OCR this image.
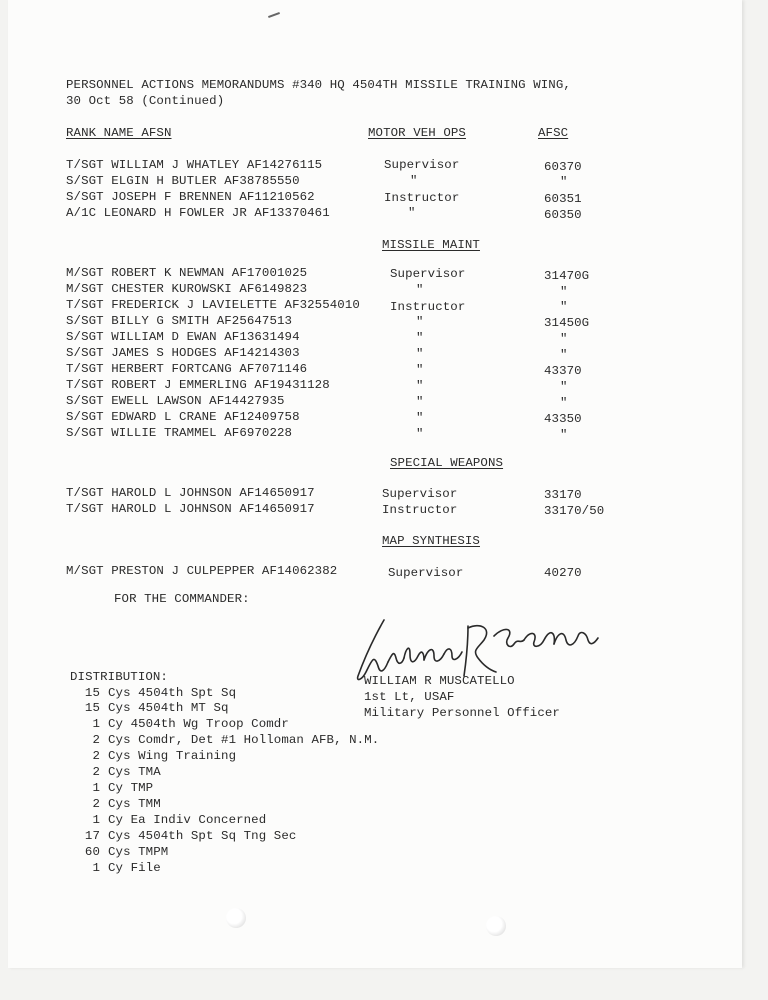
PERSONNEL ACTIONS MEMORANDUMS #340 HQ 4504TH MISSILE TRAINING WING,
30 Oct 58 (Continued)
RANK NAME AFSN	MOTOR VEH OPS	AFSC
T/SGT WILLIAM J WHATLEY AF14276115	Supervisor	60370
S/SGT ELGIN H BUTLER AF38785550	"	"
S/SGT JOSEPH F BRENNEN AF11210562	Instructor	60351
A/1C LEONARD H FOWLER JR AF13370461	"	60350
MISSILE MAINT
M/SGT ROBERT K NEWMAN AF17001025	Supervisor	31470G
M/SGT CHESTER KUROWSKI AF6149823	"	"
T/SGT FREDERICK J LAVIELETTE AF32554010 Instructor	"
S/SGT BILLY G SMITH AF25647513	"	31450G
S/SGT WILLIAM D EWAN AF13631494	"	"
S/SGT JAMES S HODGES AF14214303	"	"
T/SGT HERBERT FORTCANG AF7071146	"	43370
T/SGT ROBERT J EMMERLING AF19431128	"	"
S/SGT EWELL LAWSON AF14427935	"	"
S/SGT EDWARD L CRANE AF12409758	"	43350
S/SGT WILLIE TRAMMEL AF6970228	"	"
SPECIAL WEAPONS
T/SGT HAROLD L JOHNSON AF14650917	Supervisor	33170
T/SGT HAROLD L JOHNSON AF14650917	Instructor	33170/50
MAP SYNTHESIS
M/SGT PRESTON J CULPEPPER AF14062382	Supervisor	40270
FOR THE COMMANDER:
WILLIAM R MUSCATELLO
1st Lt, USAF
Military Personnel Officer
DISTRIBUTION:
15 Cys 4504th Spt Sq
15 Cys 4504th MT Sq
1 Cy 4504th Wg Troop Comdr
2 Cys Comdr, Det #1 Holloman AFB, N.M.
2 Cys Wing Training
2 Cys TMA
1 Cy TMP
2 Cys TMM
1 Cy Ea Indiv Concerned
17 Cys 4504th Spt Sq Tng Sec
60 Cys TMPM
1 Cy File
